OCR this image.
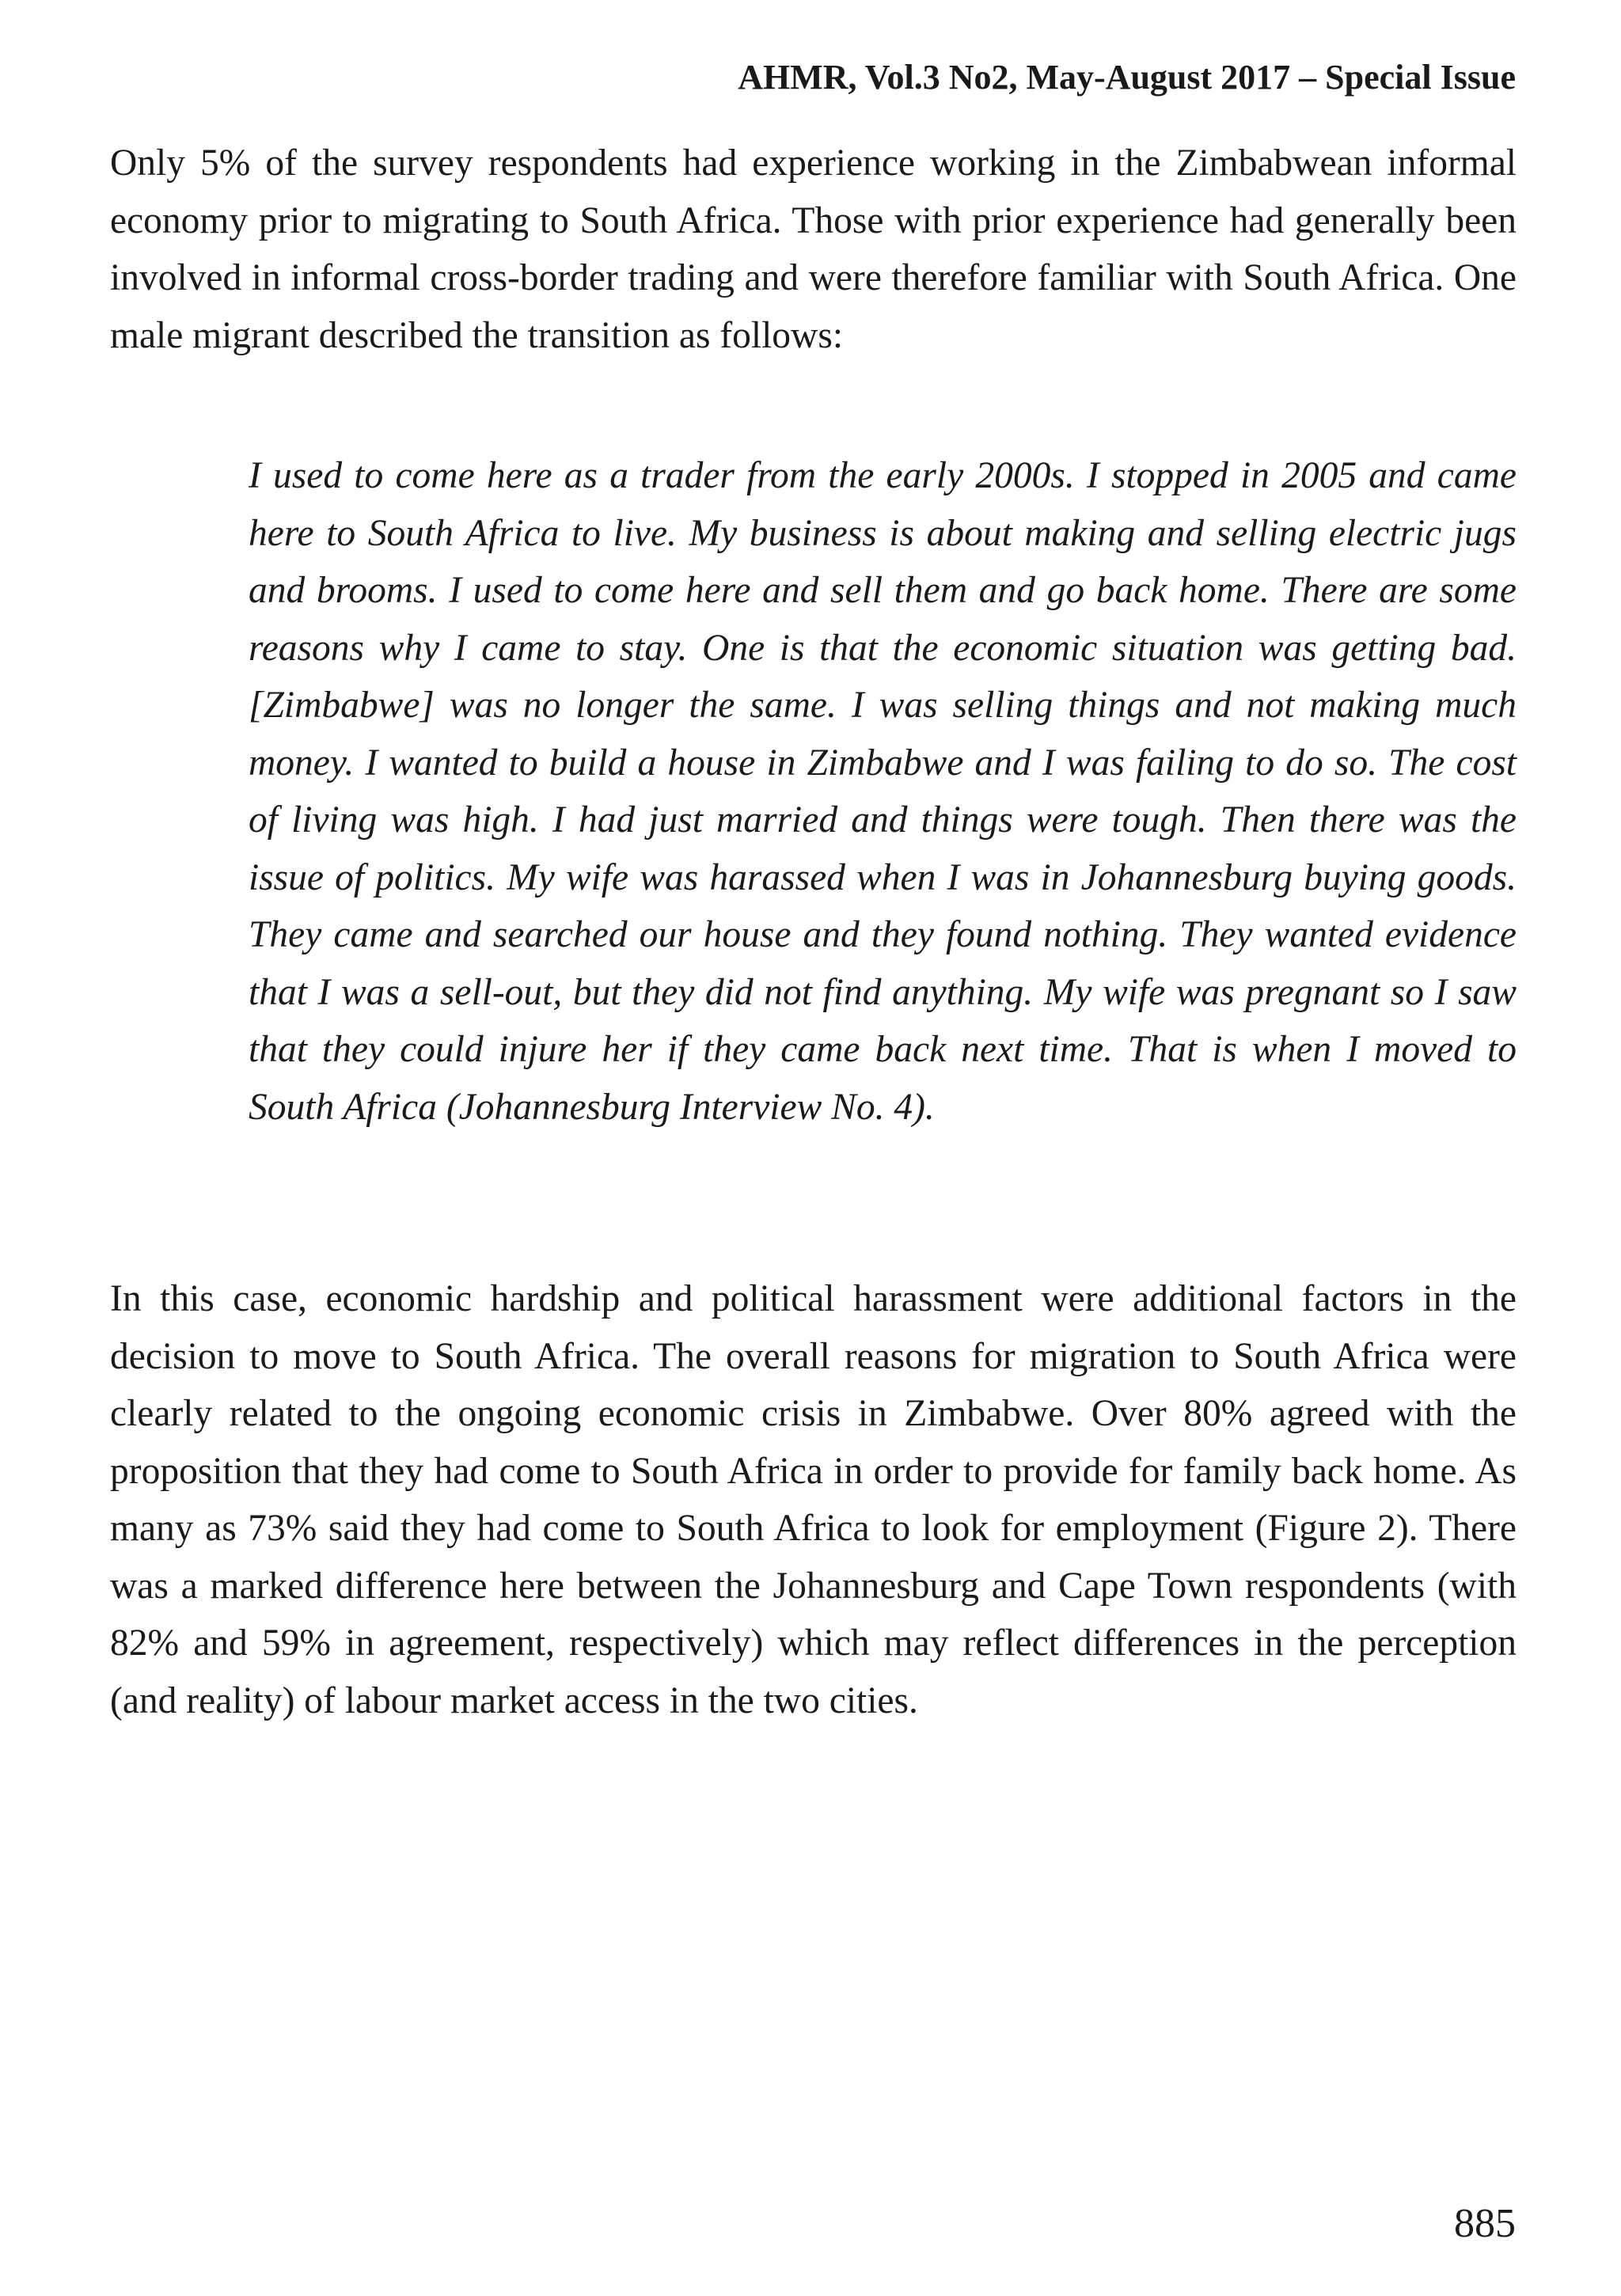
AHMR, Vol.3 No2, May-August 2017 – Special Issue

Only 5% of the survey respondents had experience working in the Zimbabwean informal economy prior to migrating to South Africa. Those with prior experience had generally been involved in informal cross-border trading and were therefore familiar with South Africa. One male migrant described the transition as follows:

I used to come here as a trader from the early 2000s. I stopped in 2005 and came here to South Africa to live. My business is about making and selling electric jugs and brooms. I used to come here and sell them and go back home. There are some reasons why I came to stay. One is that the economic situation was getting bad. [Zimbabwe] was no longer the same. I was selling things and not making much money. I wanted to build a house in Zimbabwe and I was failing to do so. The cost of living was high. I had just married and things were tough. Then there was the issue of politics. My wife was harassed when I was in Johannesburg buying goods. They came and searched our house and they found nothing. They wanted evidence that I was a sell-out, but they did not find anything. My wife was pregnant so I saw that they could injure her if they came back next time. That is when I moved to South Africa (Johannesburg Interview No. 4).

In this case, economic hardship and political harassment were additional factors in the decision to move to South Africa. The overall reasons for migration to South Africa were clearly related to the ongoing economic crisis in Zimbabwe. Over 80% agreed with the proposition that they had come to South Africa in order to provide for family back home. As many as 73% said they had come to South Africa to look for employment (Figure 2). There was a marked difference here between the Johannesburg and Cape Town respondents (with 82% and 59% in agreement, respectively) which may reflect differences in the perception (and reality) of labour market access in the two cities.

885
